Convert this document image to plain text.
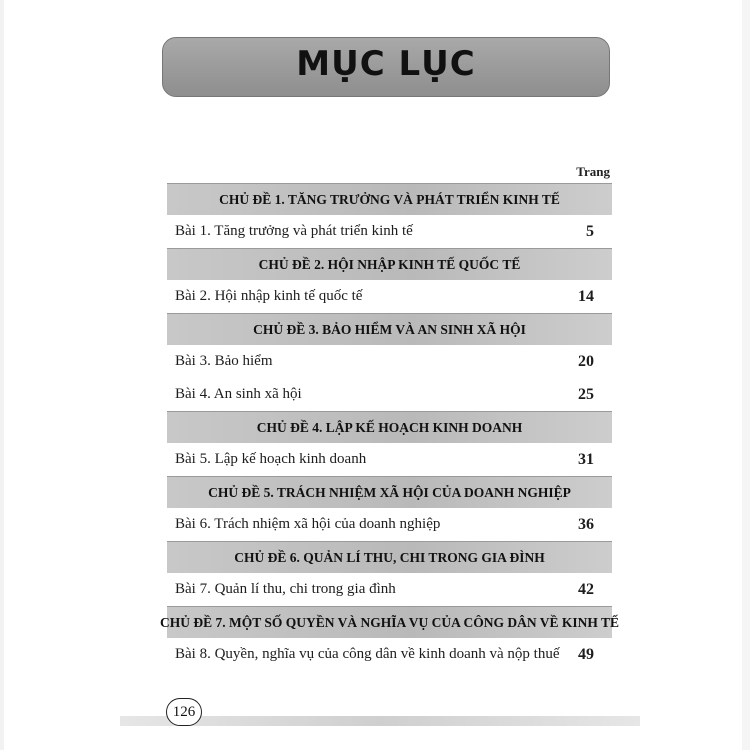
MỤC LỤC
Trang
CHỦ ĐỀ 1. TĂNG TRƯỞNG VÀ PHÁT TRIỂN KINH TẾ
Bài 1. Tăng trưởng và phát triển kinh tế	5
CHỦ ĐỀ 2. HỘI NHẬP KINH TẾ QUỐC TẾ
Bài 2. Hội nhập kinh tế quốc tế	14
CHỦ ĐỀ 3. BẢO HIỂM VÀ AN SINH XÃ HỘI
Bài 3. Bảo hiểm	20
Bài 4. An sinh xã hội	25
CHỦ ĐỀ 4. LẬP KẾ HOẠCH KINH DOANH
Bài 5. Lập kế hoạch kinh doanh	31
CHỦ ĐỀ 5. TRÁCH NHIỆM XÃ HỘI CỦA DOANH NGHIỆP
Bài 6. Trách nhiệm xã hội của doanh nghiệp	36
CHỦ ĐỀ 6. QUẢN LÍ THU, CHI TRONG GIA ĐÌNH
Bài 7. Quản lí thu, chi trong gia đình	42
CHỦ ĐỀ 7. MỘT SỐ QUYỀN VÀ NGHĨA VỤ CỦA CÔNG DÂN VỀ KINH TẾ
Bài 8. Quyền, nghĩa vụ của công dân về kinh doanh và nộp thuế 49
126
